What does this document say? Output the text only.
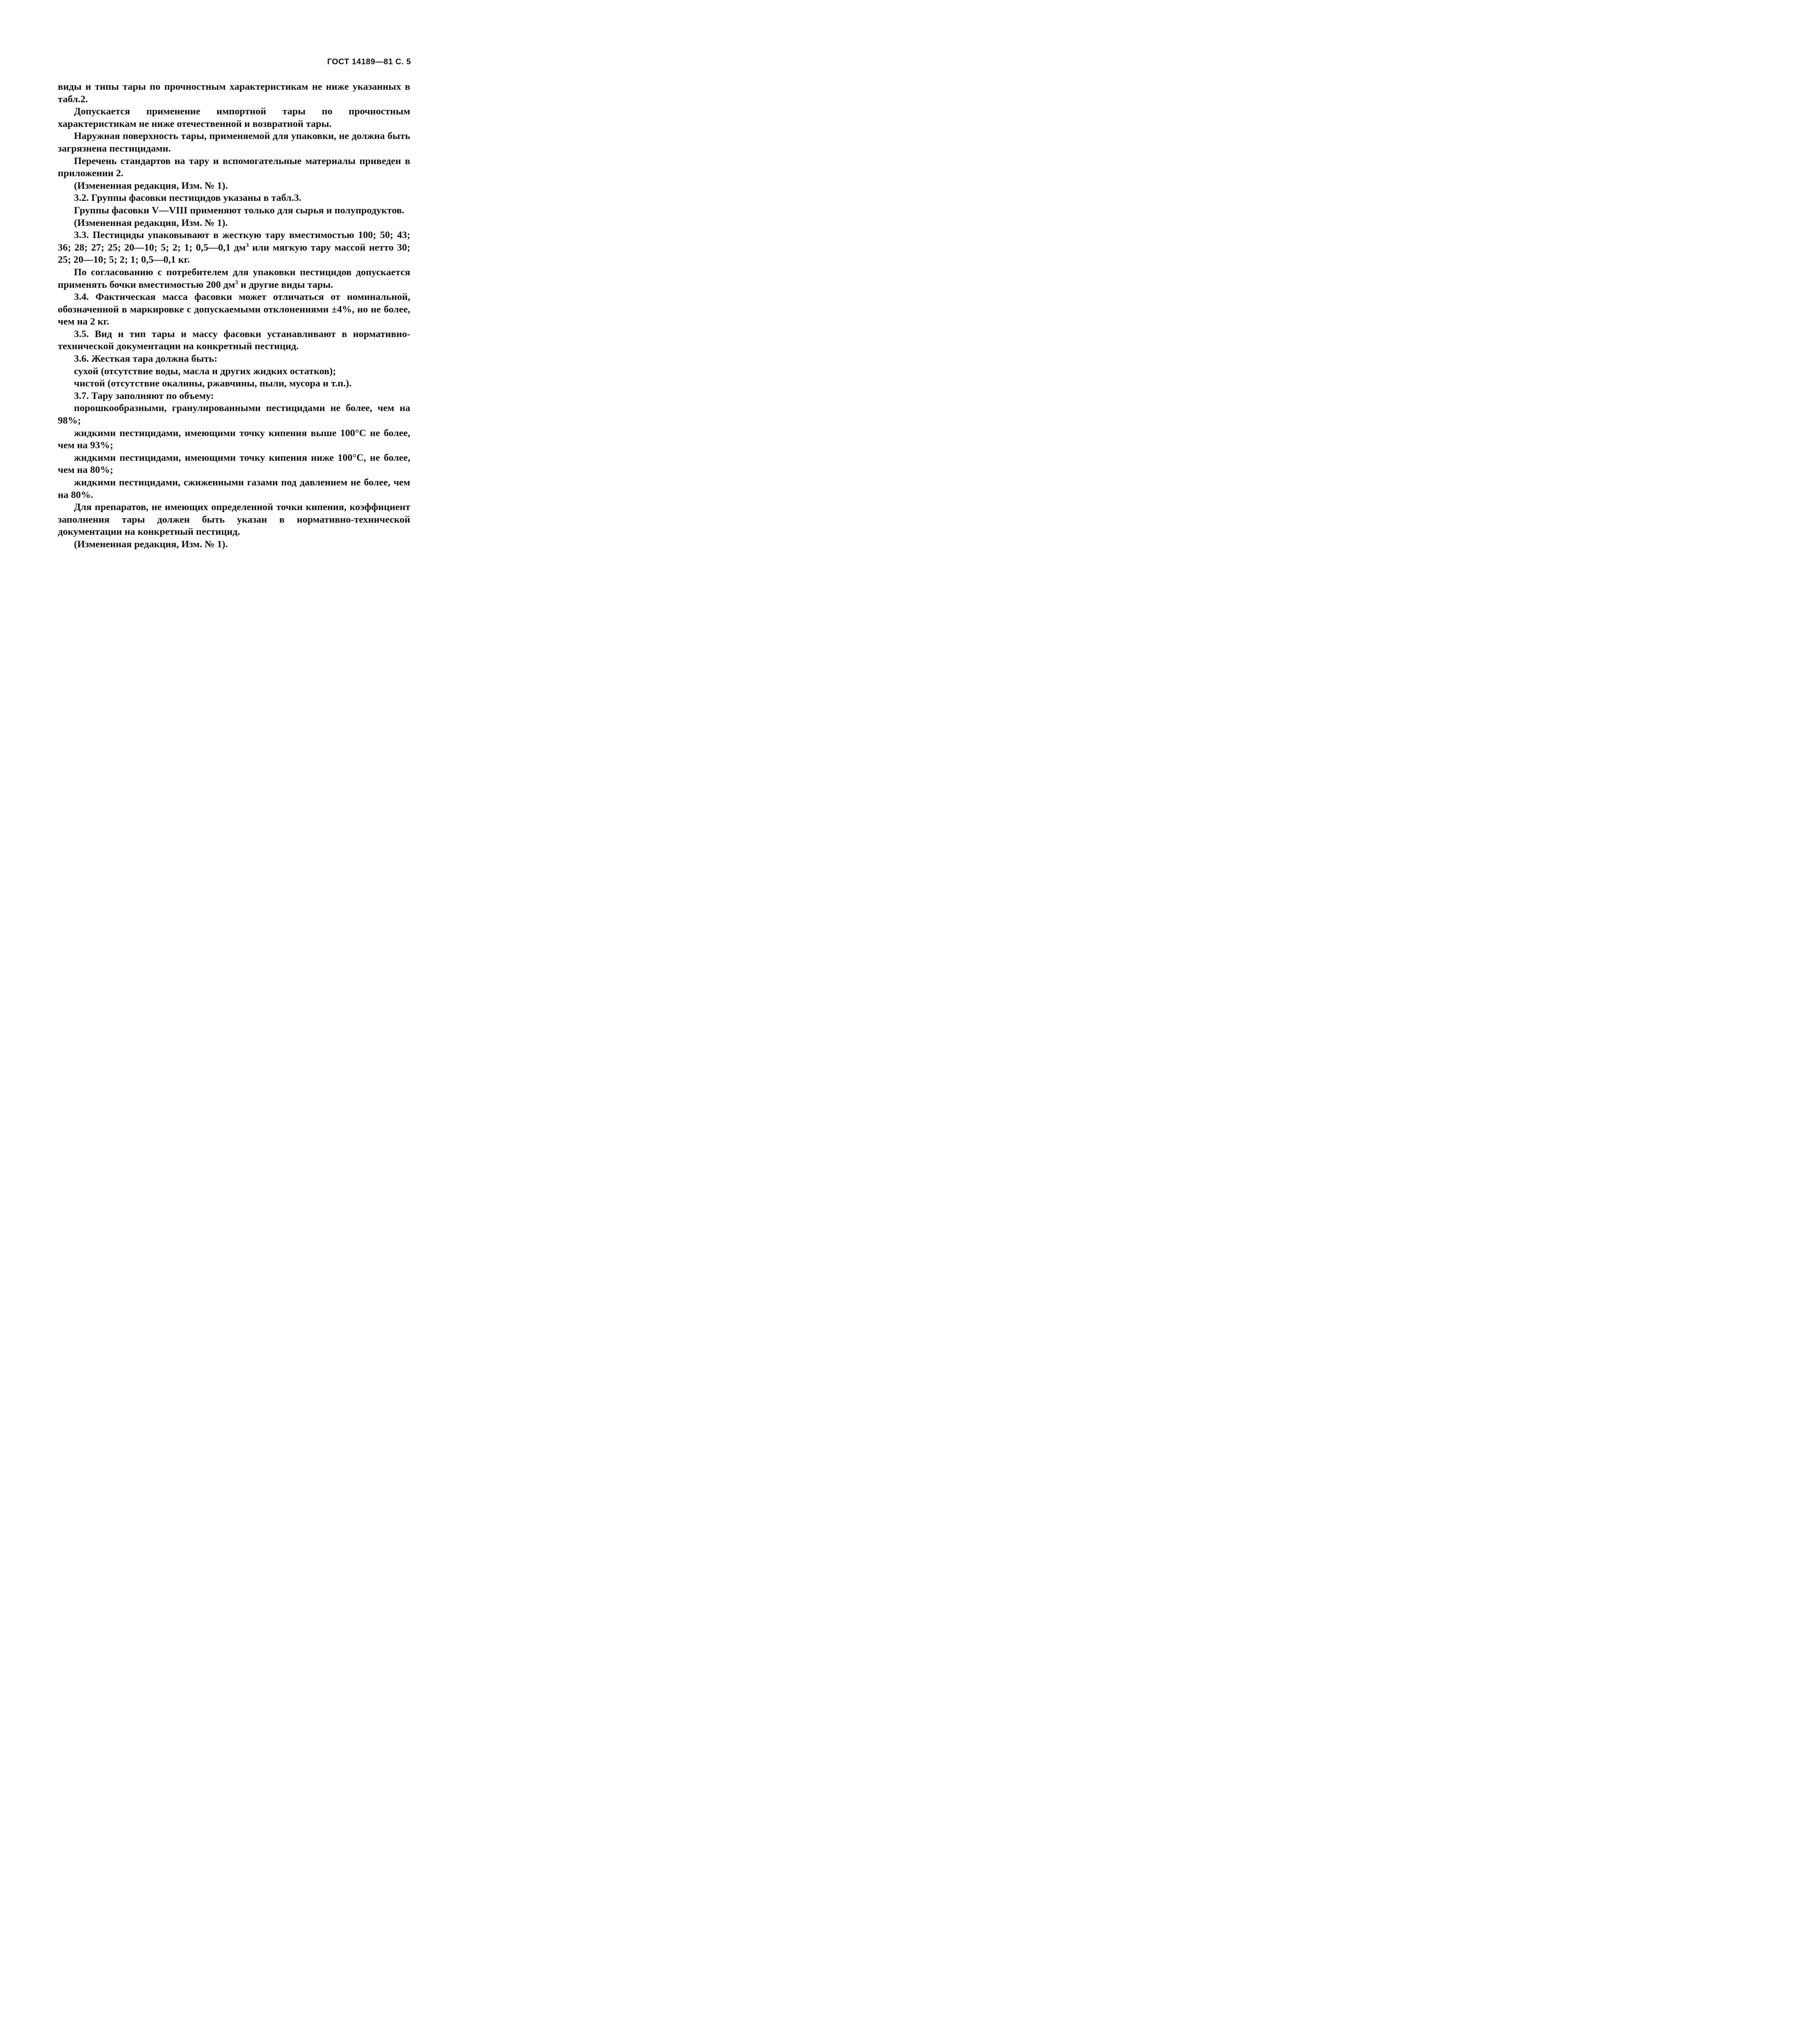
ГОСТ 14189—81 С. 5

виды и типы тары по прочностным характеристикам не ниже указанных в табл.2.

Допускается применение импортной тары по прочностным характеристикам не ниже отечественной и возвратной тары.

Наружная поверхность тары, применяемой для упаковки, не должна быть загрязнена пестицидами.

Перечень стандартов на тару и вспомогательные материалы приведен в приложении 2.

(Измененная редакция, Изм. № 1).

3.2. Группы фасовки пестицидов указаны в табл.3.

Группы фасовки V—VIII применяют только для сырья и полупродуктов.

(Измененная редакция, Изм. № 1).

3.3. Пестициды упаковывают в жесткую тару вместимостью 100; 50; 43; 36; 28; 27; 25; 20—10; 5; 2; 1; 0,5—0,1 $дм^3$ или мягкую тару массой нетто 30; 25; 20—10; 5; 2; 1; 0,5—0,1 кг.

По согласованию с потребителем для упаковки пестицидов допускается применять бочки вместимостью 200 $дм^3$ и другие виды тары.

3.4. Фактическая масса фасовки может отличаться от номинальной, обозначенной в маркировке с допускаемыми отклонениями ±4%, но не более, чем на 2 кг.

3.5. Вид и тип тары и массу фасовки устанавливают в нормативно-технической документации на конкретный пестицид.

3.6. Жесткая тара должна быть:

сухой (отсутствие воды, масла и других жидких остатков);

чистой (отсутствие окалины, ржавчины, пыли, мусора и т.п.).

3.7. Тару заполняют по объему:

порошкообразными, гранулированными пестицидами не более, чем на 98%;

жидкими пестицидами, имеющими точку кипения выше 100°С не более, чем на 93%;

жидкими пестицидами, имеющими точку кипения ниже 100°С, не более, чем на 80%;

жидкими пестицидами, сжиженными газами под давлением не более, чем на 80%.

Для препаратов, не имеющих определенной точки кипения, коэффициент заполнения тары должен быть указан в нормативно-технической документации на конкретный пестицид.

(Измененная редакция, Изм. № 1).
